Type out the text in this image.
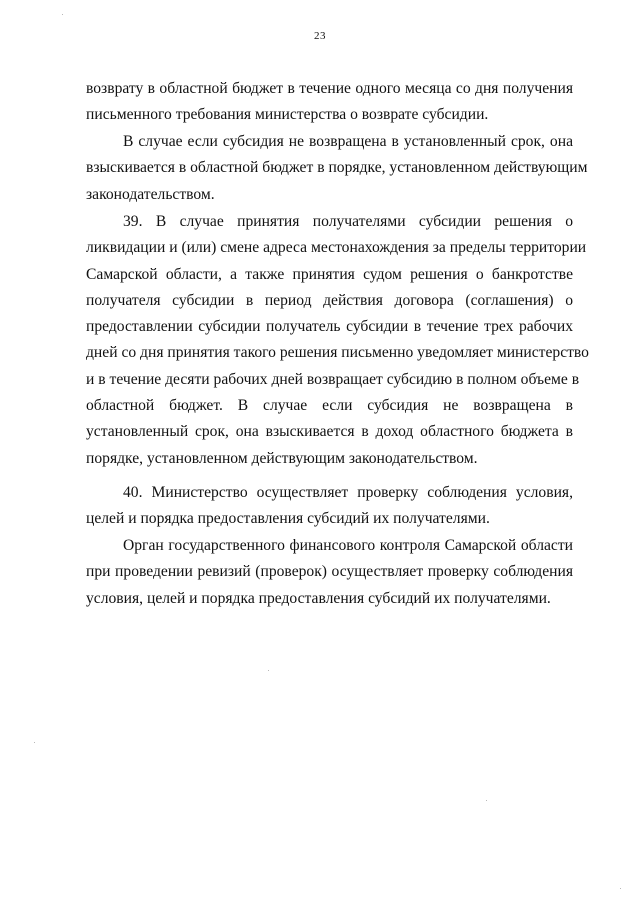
23
возврату в областной бюджет в течение одного месяца со дня получения
письменного требования министерства о возврате субсидии.
В случае если субсидия не возвращена в установленный срок, она
взыскивается в областной бюджет в порядке, установленном действующим
законодательством.
39. В случае принятия получателями субсидии решения о
ликвидации и (или) смене адреса местонахождения за пределы территории
Самарской области, а также принятия судом решения о банкротстве
получателя субсидии в период действия договора (соглашения) о
предоставлении субсидии получатель субсидии в течение трех рабочих
дней со дня принятия такого решения письменно уведомляет министерство
и в течение десяти рабочих дней возвращает субсидию в полном объеме в
областной бюджет. В случае если субсидия не возвращена в
установленный срок, она взыскивается в доход областного бюджета в
порядке, установленном действующим законодательством.
40. Министерство осуществляет проверку соблюдения условия,
целей и порядка предоставления субсидий их получателями.
Орган государственного финансового контроля Самарской области
при проведении ревизий (проверок) осуществляет проверку соблюдения
условия, целей и порядка предоставления субсидий их получателями.
